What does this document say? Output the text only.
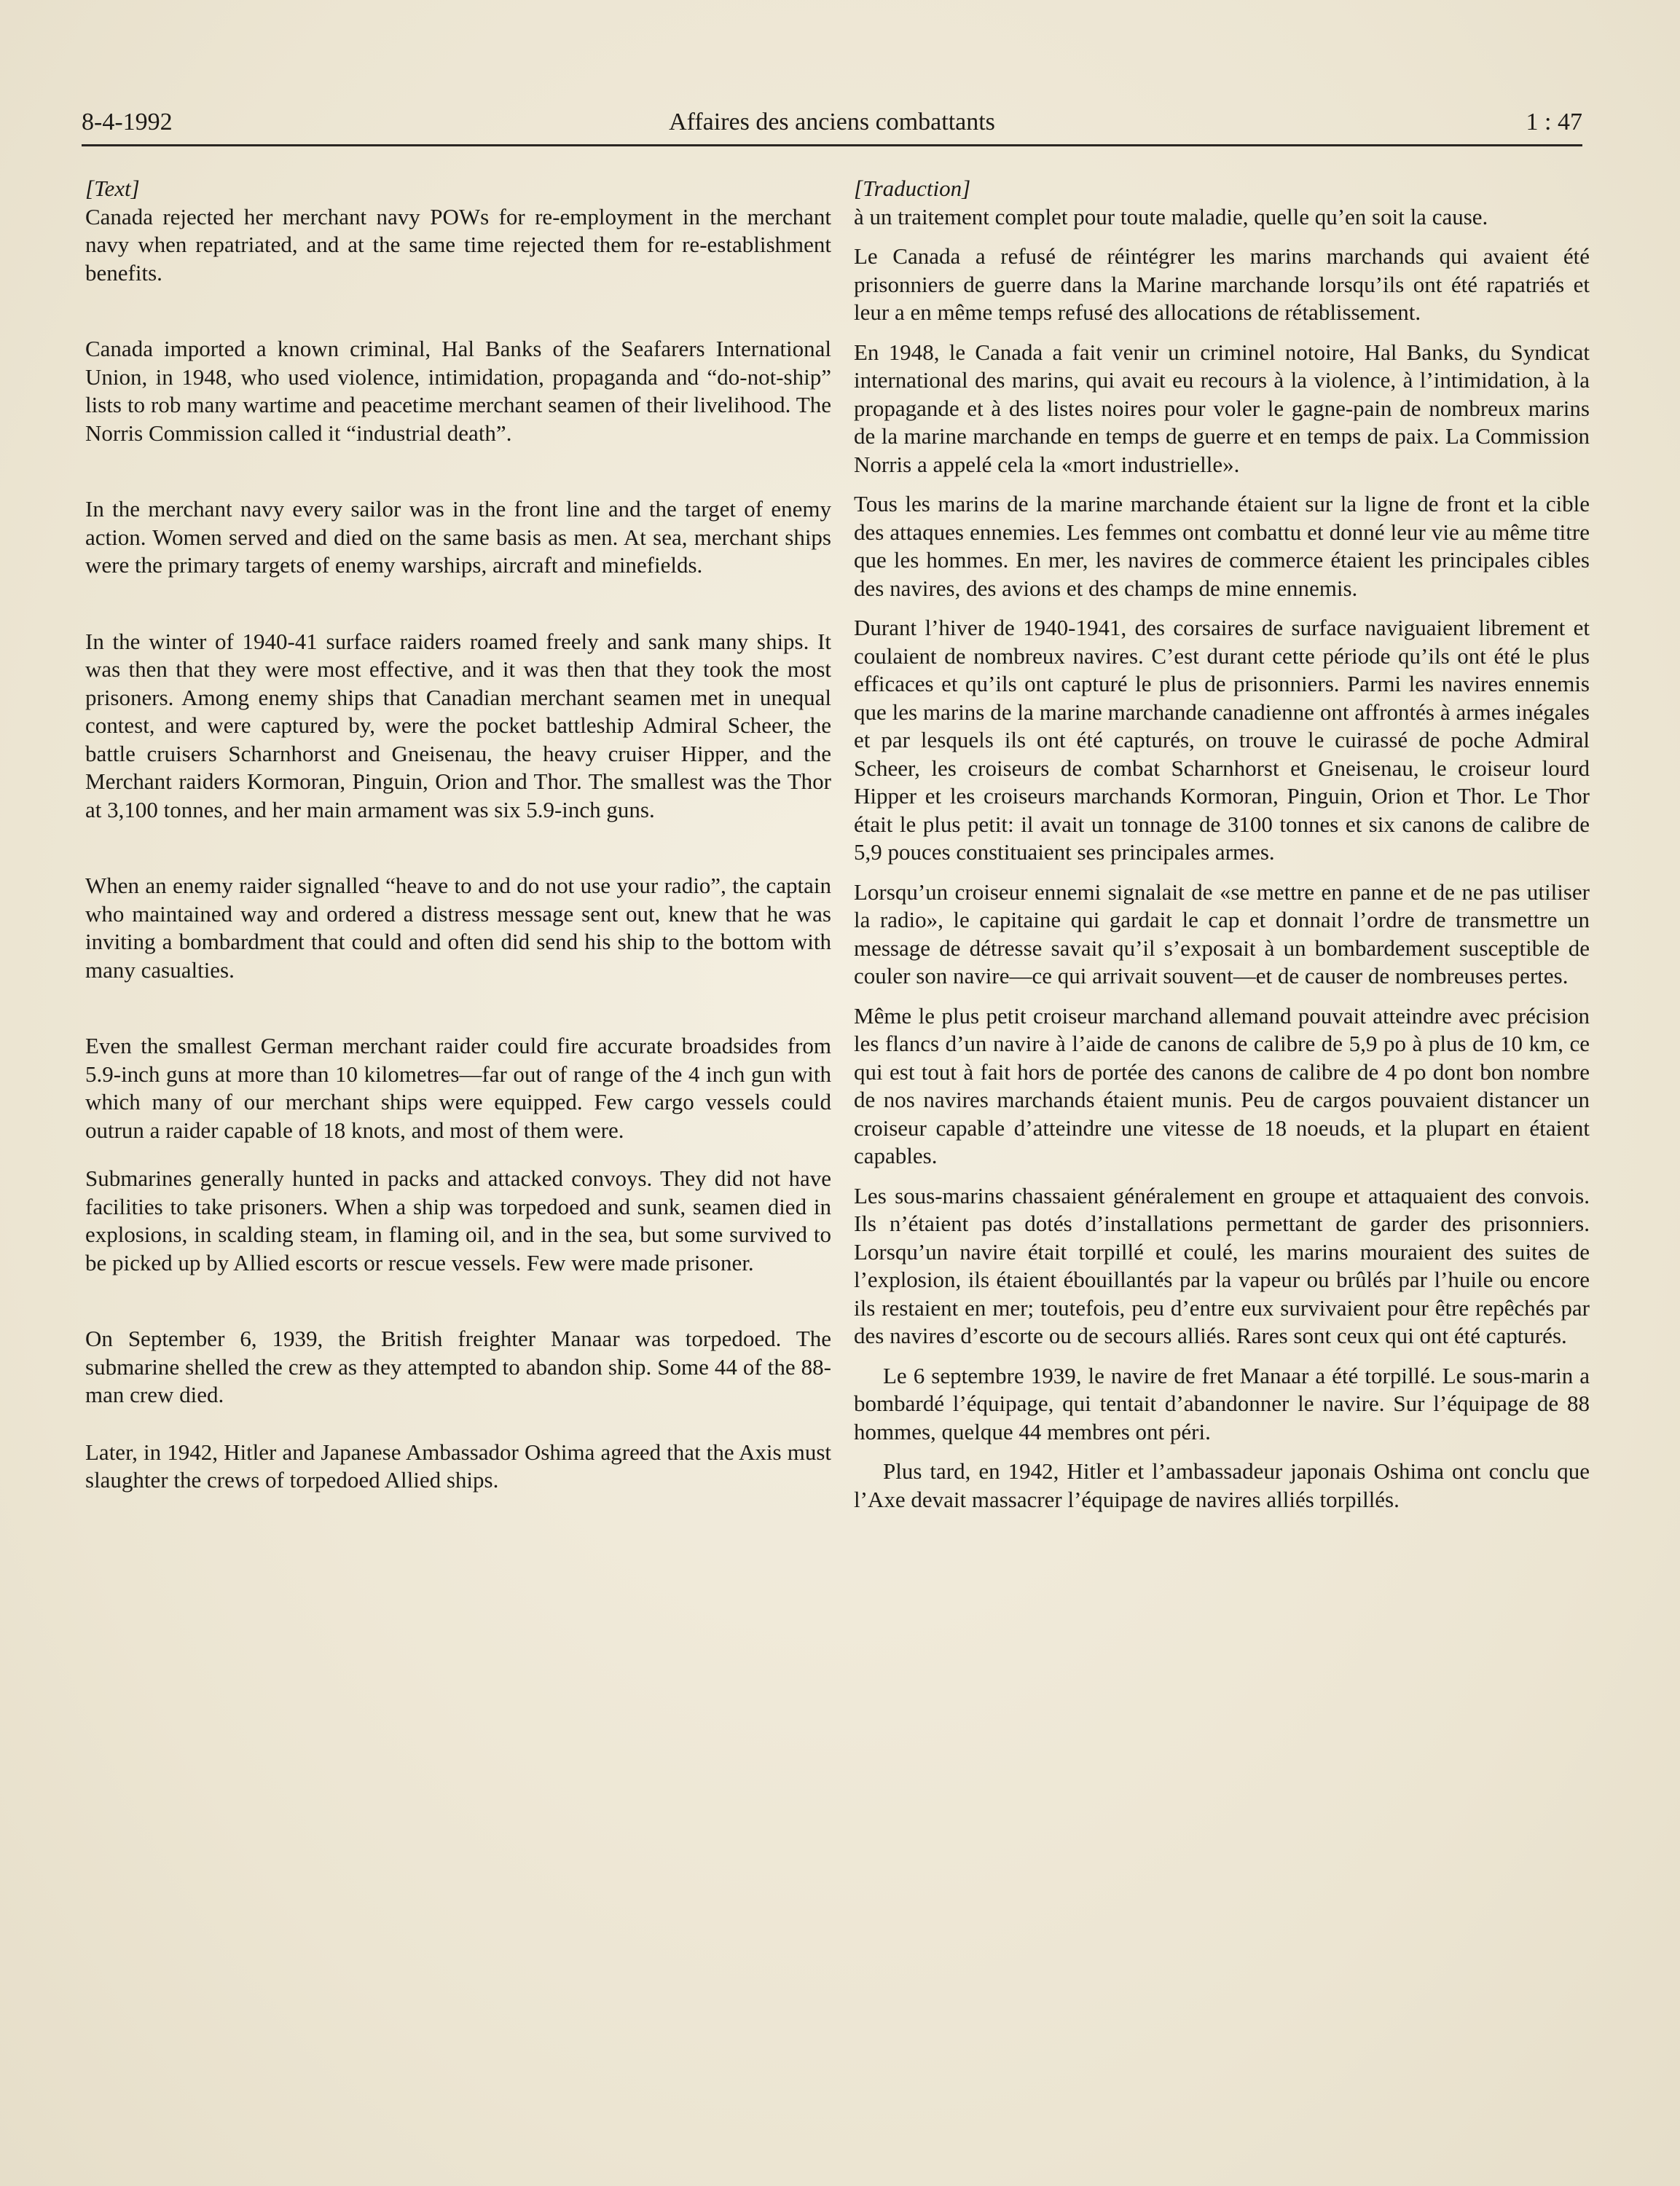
8-4-1992	Affaires des anciens combattants	1 : 47

[Text]

Canada rejected her merchant navy POWs for re-employment in the merchant navy when repatriated, and at the same time rejected them for re-establishment benefits.

Canada imported a known criminal, Hal Banks of the Seafarers International Union, in 1948, who used violence, intimidation, propaganda and “do-not-ship” lists to rob many wartime and peacetime merchant seamen of their livelihood. The Norris Commission called it “industrial death”.

In the merchant navy every sailor was in the front line and the target of enemy action. Women served and died on the same basis as men. At sea, merchant ships were the primary targets of enemy warships, aircraft and minefields.

In the winter of 1940-41 surface raiders roamed freely and sank many ships. It was then that they were most effective, and it was then that they took the most prisoners. Among enemy ships that Canadian merchant seamen met in unequal contest, and were captured by, were the pocket battleship Admiral Scheer, the battle cruisers Scharnhorst and Gneisenau, the heavy cruiser Hipper, and the Merchant raiders Kormoran, Pinguin, Orion and Thor. The smallest was the Thor at 3,100 tonnes, and her main armament was six 5.9-inch guns.

When an enemy raider signalled “heave to and do not use your radio”, the captain who maintained way and ordered a distress message sent out, knew that he was inviting a bombardment that could and often did send his ship to the bottom with many casualties.

Even the smallest German merchant raider could fire accurate broadsides from 5.9-inch guns at more than 10 kilometres—far out of range of the 4 inch gun with which many of our merchant ships were equipped. Few cargo vessels could outrun a raider capable of 18 knots, and most of them were.

Submarines generally hunted in packs and attacked convoys. They did not have facilities to take prisoners. When a ship was torpedoed and sunk, seamen died in explosions, in scalding steam, in flaming oil, and in the sea, but some survived to be picked up by Allied escorts or rescue vessels. Few were made prisoner.

On September 6, 1939, the British freighter Manaar was torpedoed. The submarine shelled the crew as they attempted to abandon ship. Some 44 of the 88-man crew died.

Later, in 1942, Hitler and Japanese Ambassador Oshima agreed that the Axis must slaughter the crews of torpedoed Allied ships.

[Traduction]

à un traitement complet pour toute maladie, quelle qu’en soit la cause.

Le Canada a refusé de réintégrer les marins marchands qui avaient été prisonniers de guerre dans la Marine marchande lorsqu’ils ont été rapatriés et leur a en même temps refusé des allocations de rétablissement.

En 1948, le Canada a fait venir un criminel notoire, Hal Banks, du Syndicat international des marins, qui avait eu recours à la violence, à l’intimidation, à la propagande et à des listes noires pour voler le gagne-pain de nombreux marins de la marine marchande en temps de guerre et en temps de paix. La Commission Norris a appelé cela la «mort industrielle».

Tous les marins de la marine marchande étaient sur la ligne de front et la cible des attaques ennemies. Les femmes ont combattu et donné leur vie au même titre que les hommes. En mer, les navires de commerce étaient les principales cibles des navires, des avions et des champs de mine ennemis.

Durant l’hiver de 1940-1941, des corsaires de surface naviguaient librement et coulaient de nombreux navires. C’est durant cette période qu’ils ont été le plus efficaces et qu’ils ont capturé le plus de prisonniers. Parmi les navires ennemis que les marins de la marine marchande canadienne ont affrontés à armes inégales et par lesquels ils ont été capturés, on trouve le cuirassé de poche Admiral Scheer, les croiseurs de combat Scharnhorst et Gneisenau, le croiseur lourd Hipper et les croiseurs marchands Kormoran, Pinguin, Orion et Thor. Le Thor était le plus petit: il avait un tonnage de 3100 tonnes et six canons de calibre de 5,9 pouces constituaient ses principales armes.

Lorsqu’un croiseur ennemi signalait de «se mettre en panne et de ne pas utiliser la radio», le capitaine qui gardait le cap et donnait l’ordre de transmettre un message de détresse savait qu’il s’exposait à un bombardement susceptible de couler son navire—ce qui arrivait souvent—et de causer de nombreuses pertes.

Même le plus petit croiseur marchand allemand pouvait atteindre avec précision les flancs d’un navire à l’aide de canons de calibre de 5,9 po à plus de 10 km, ce qui est tout à fait hors de portée des canons de calibre de 4 po dont bon nombre de nos navires marchands étaient munis. Peu de cargos pouvaient distancer un croiseur capable d’atteindre une vitesse de 18 noeuds, et la plupart en étaient capables.

Les sous-marins chassaient généralement en groupe et attaquaient des convois. Ils n’étaient pas dotés d’installations permettant de garder des prisonniers. Lorsqu’un navire était torpillé et coulé, les marins mouraient des suites de l’explosion, ils étaient ébouillantés par la vapeur ou brûlés par l’huile ou encore ils restaient en mer; toutefois, peu d’entre eux survivaient pour être repêchés par des navires d’escorte ou de secours alliés. Rares sont ceux qui ont été capturés.

Le 6 septembre 1939, le navire de fret Manaar a été torpillé. Le sous-marin a bombardé l’équipage, qui tentait d’abandonner le navire. Sur l’équipage de 88 hommes, quelque 44 membres ont péri.

Plus tard, en 1942, Hitler et l’ambassadeur japonais Oshima ont conclu que l’Axe devait massacrer l’équipage de navires alliés torpillés.
